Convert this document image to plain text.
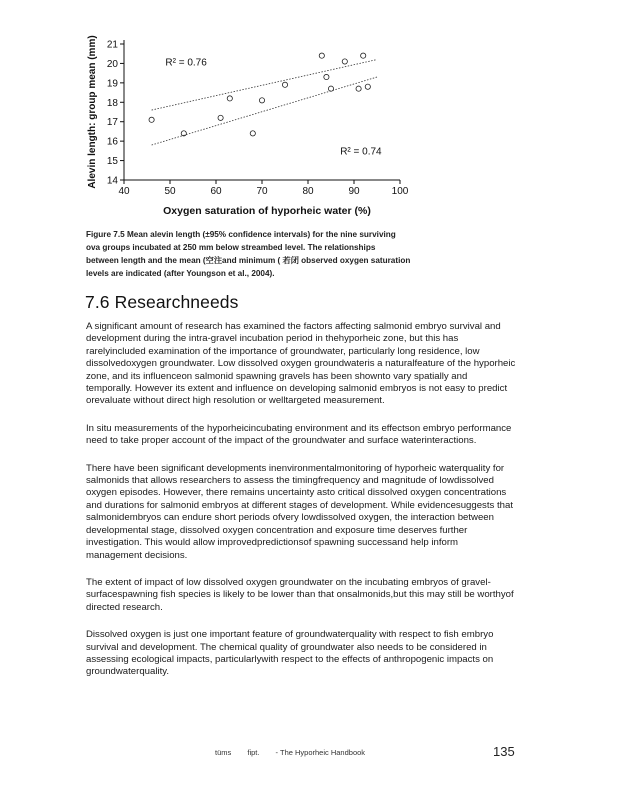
14
15
16
17
18
19
20
21
40	50	60	70	80	90	100
R² = 0.76
R² = 0.74
Oxygen saturation of hyporheic water (%)
Alevin length: group mean (mm)
Figure 7.5 Mean alevin length (±95% confidence intervals) for the nine surviving
ova groups incubated at 250 mm below streambed level. The relationships
between length and the mean (空注and minimum ( 若闭 observed oxygen saturation
levels are indicated (after Youngson et al., 2004).
7.6 Researchneeds

A significant amount of research has examined the factors affecting salmonid embryo survival and development during the intra-gravel incubation period in thehyporheic zone, but this has rarelyincluded examination of the importance of groundwater, particularly long residence, low dissolvedoxygen groundwater. Low dissolved oxygen groundwateris a naturalfeature of the hyporheic zone, and its influenceon salmonid spawning gravels has been shownto vary spatially and temporally. However its extent and influence on developing salmonid embryos is not easy to predict orevaluate without direct high resolution or welltargeted measurement.

In situ measurements of the hyporheicincubating environment and its effectson embryo performance need to take proper account of the impact of the groundwater and surface waterinteractions.

There have been significant developments inenvironmentalmonitoring of hyporheic waterquality for salmonids that allows researchers to assess the timingfrequency and magnitude of lowdissolved oxygen episodes. However, there remains uncertainty asto critical dissolved oxygen concentrations and durations for salmonid embryos at different stages of development. While evidencesuggests that salmonidembryos can endure short periods ofvery lowdissolved oxygen, the interaction between developmental stage, dissolved oxygen concentration and exposure time deserves further investigation. This would allow improvedpredictionsof spawning successand help inform management decisions.

The extent of impact of low dissolved oxygen groundwater on the incubating embryos of gravel-surfacespawning fish species is likely to be lower than that onsalmonids,but this may still be worthyof directed research.

Dissolved oxygen is just one important feature of groundwaterquality with respect to fish embryo survival and development. The chemical quality of groundwater also needs to be considered in assessing ecological impacts, particularlywith respect to the effects of anthropogenic impacts on groundwaterquality.

tüms fipt. - The Hyporheic Handbook	135
